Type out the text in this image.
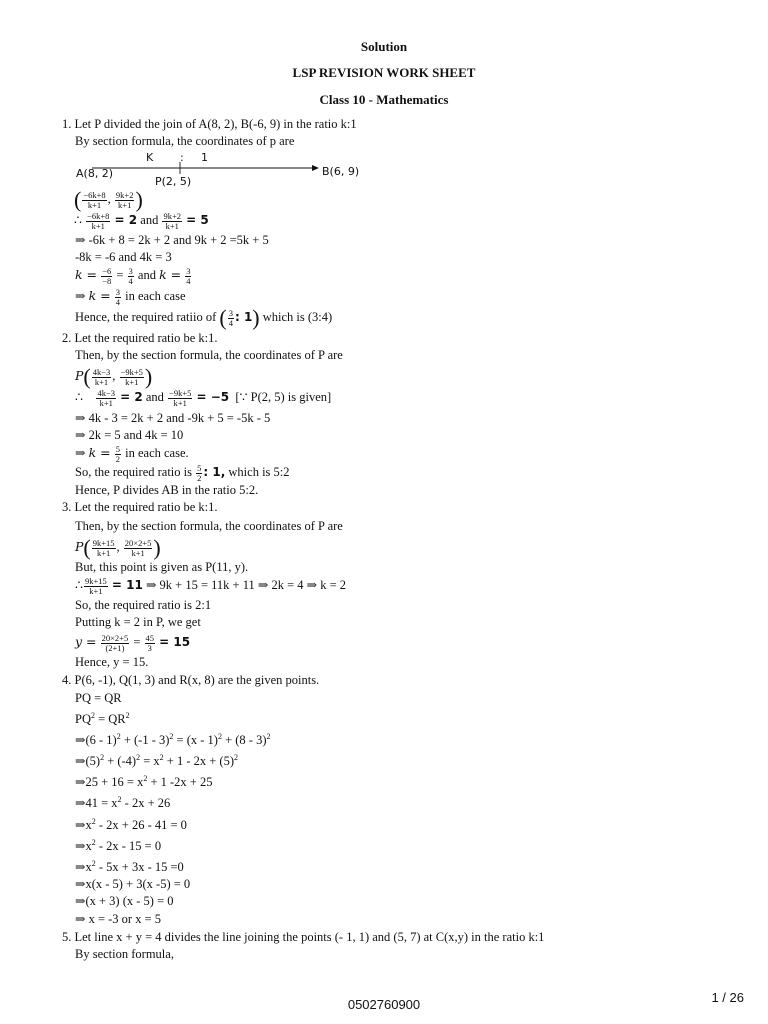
Solution
LSP REVISION WORK SHEET
Class 10 - Mathematics
1. Let P divided the join of A(8, 2), B(-6, 9) in the ratio k:1
By section formula, the coordinates of p are
K : 1
A(8, 2)
P(2, 5)
B(6, 9)
( $\frac{-6k+8}{k+1}$ , $\frac{9k+2}{k+1}$ )
∴ $\frac{-6k+8}{k+1} = 2$ and $\frac{9k+2}{k+1} = 5$
⇒ -6k + 8 = 2k + 2 and 9k + 2 =5k + 5
-8k = -6 and 4k = 3
$k = \frac{-6}{-8} = \frac{3}{4}$ and $k = \frac{3}{4}$
⇒ $k = \frac{3}{4}$ in each case
Hence, the required ratiio of ( $\frac{3}{4}$ : 1) which is (3:4)
2. Let the required ratio be k:1.
Then, by the section formula, the coordinates of P are
$P( \frac{4k-3}{k+1}$ , $\frac{-9k+5}{k+1}$ )
∴ $\frac{4k-3}{k+1} = 2$ and $\frac{-9k+5}{k+1} = -5$ [∵ P(2, 5) is given]
⇒ 4k - 3 = 2k + 2 and -9k + 5 = -5k - 5
⇒ 2k = 5 and 4k = 10
⇒ $k = \frac{5}{2}$ in each case.
So, the required ratio is $\frac{5}{2}$ : 1, which is 5:2
Hence, P divides AB in the ratio 5:2.
3. Let the required ratio be k:1.
Then, by the section formula, the coordinates of P are
$P( \frac{9k+15}{k+1}$ , $\frac{20\times 2+5}{k+1}$ )
But, this point is given as P(11, y).
∴ $\frac{9k+15}{k+1} = 11$ ⇒ 9k + 15 = 11k + 11 ⇒ 2k = 4 ⇒ k = 2
So, the required ratio is 2:1
Putting k = 2 in P, we get
$y = \frac{20\times 2+5}{(2+1)} = \frac{45}{3} = 15$
Hence, y = 15.
4. P(6, -1), Q(1, 3) and R(x, 8) are the given points.
PQ = QR
$PQ^2 = QR^2$
⇒(6 - 1)$^2$ + (-1 - 3)$^2$ = (x - 1)$^2$ + (8 - 3)$^2$
$\Rightarrow(5)^2 + (-4)^2 = x^2 + 1 - 2x + (5)^2$
⇒25 + $16 = x^2 + 1$ -2x + 25
⇒41 = $x^2 - 2x + 26$
$\Rightarrow x^2 - 2x + 26 - 41 = 0$
$\Rightarrow x^2 - 2x - 15 = 0$
$\Rightarrow x^2 - 5x + 3x - 15 =0$
⇒x(x - 5) + 3(x -5) = 0
⇒(x + 3) (x - 5) = 0
⇒ x = -3 or x = 5
5. Let line x + y = 4 divides the line joining the points (- 1, 1) and (5, 7) at C(x,y) in the ratio k:1
By section formula,
0502760900	1 / 26
